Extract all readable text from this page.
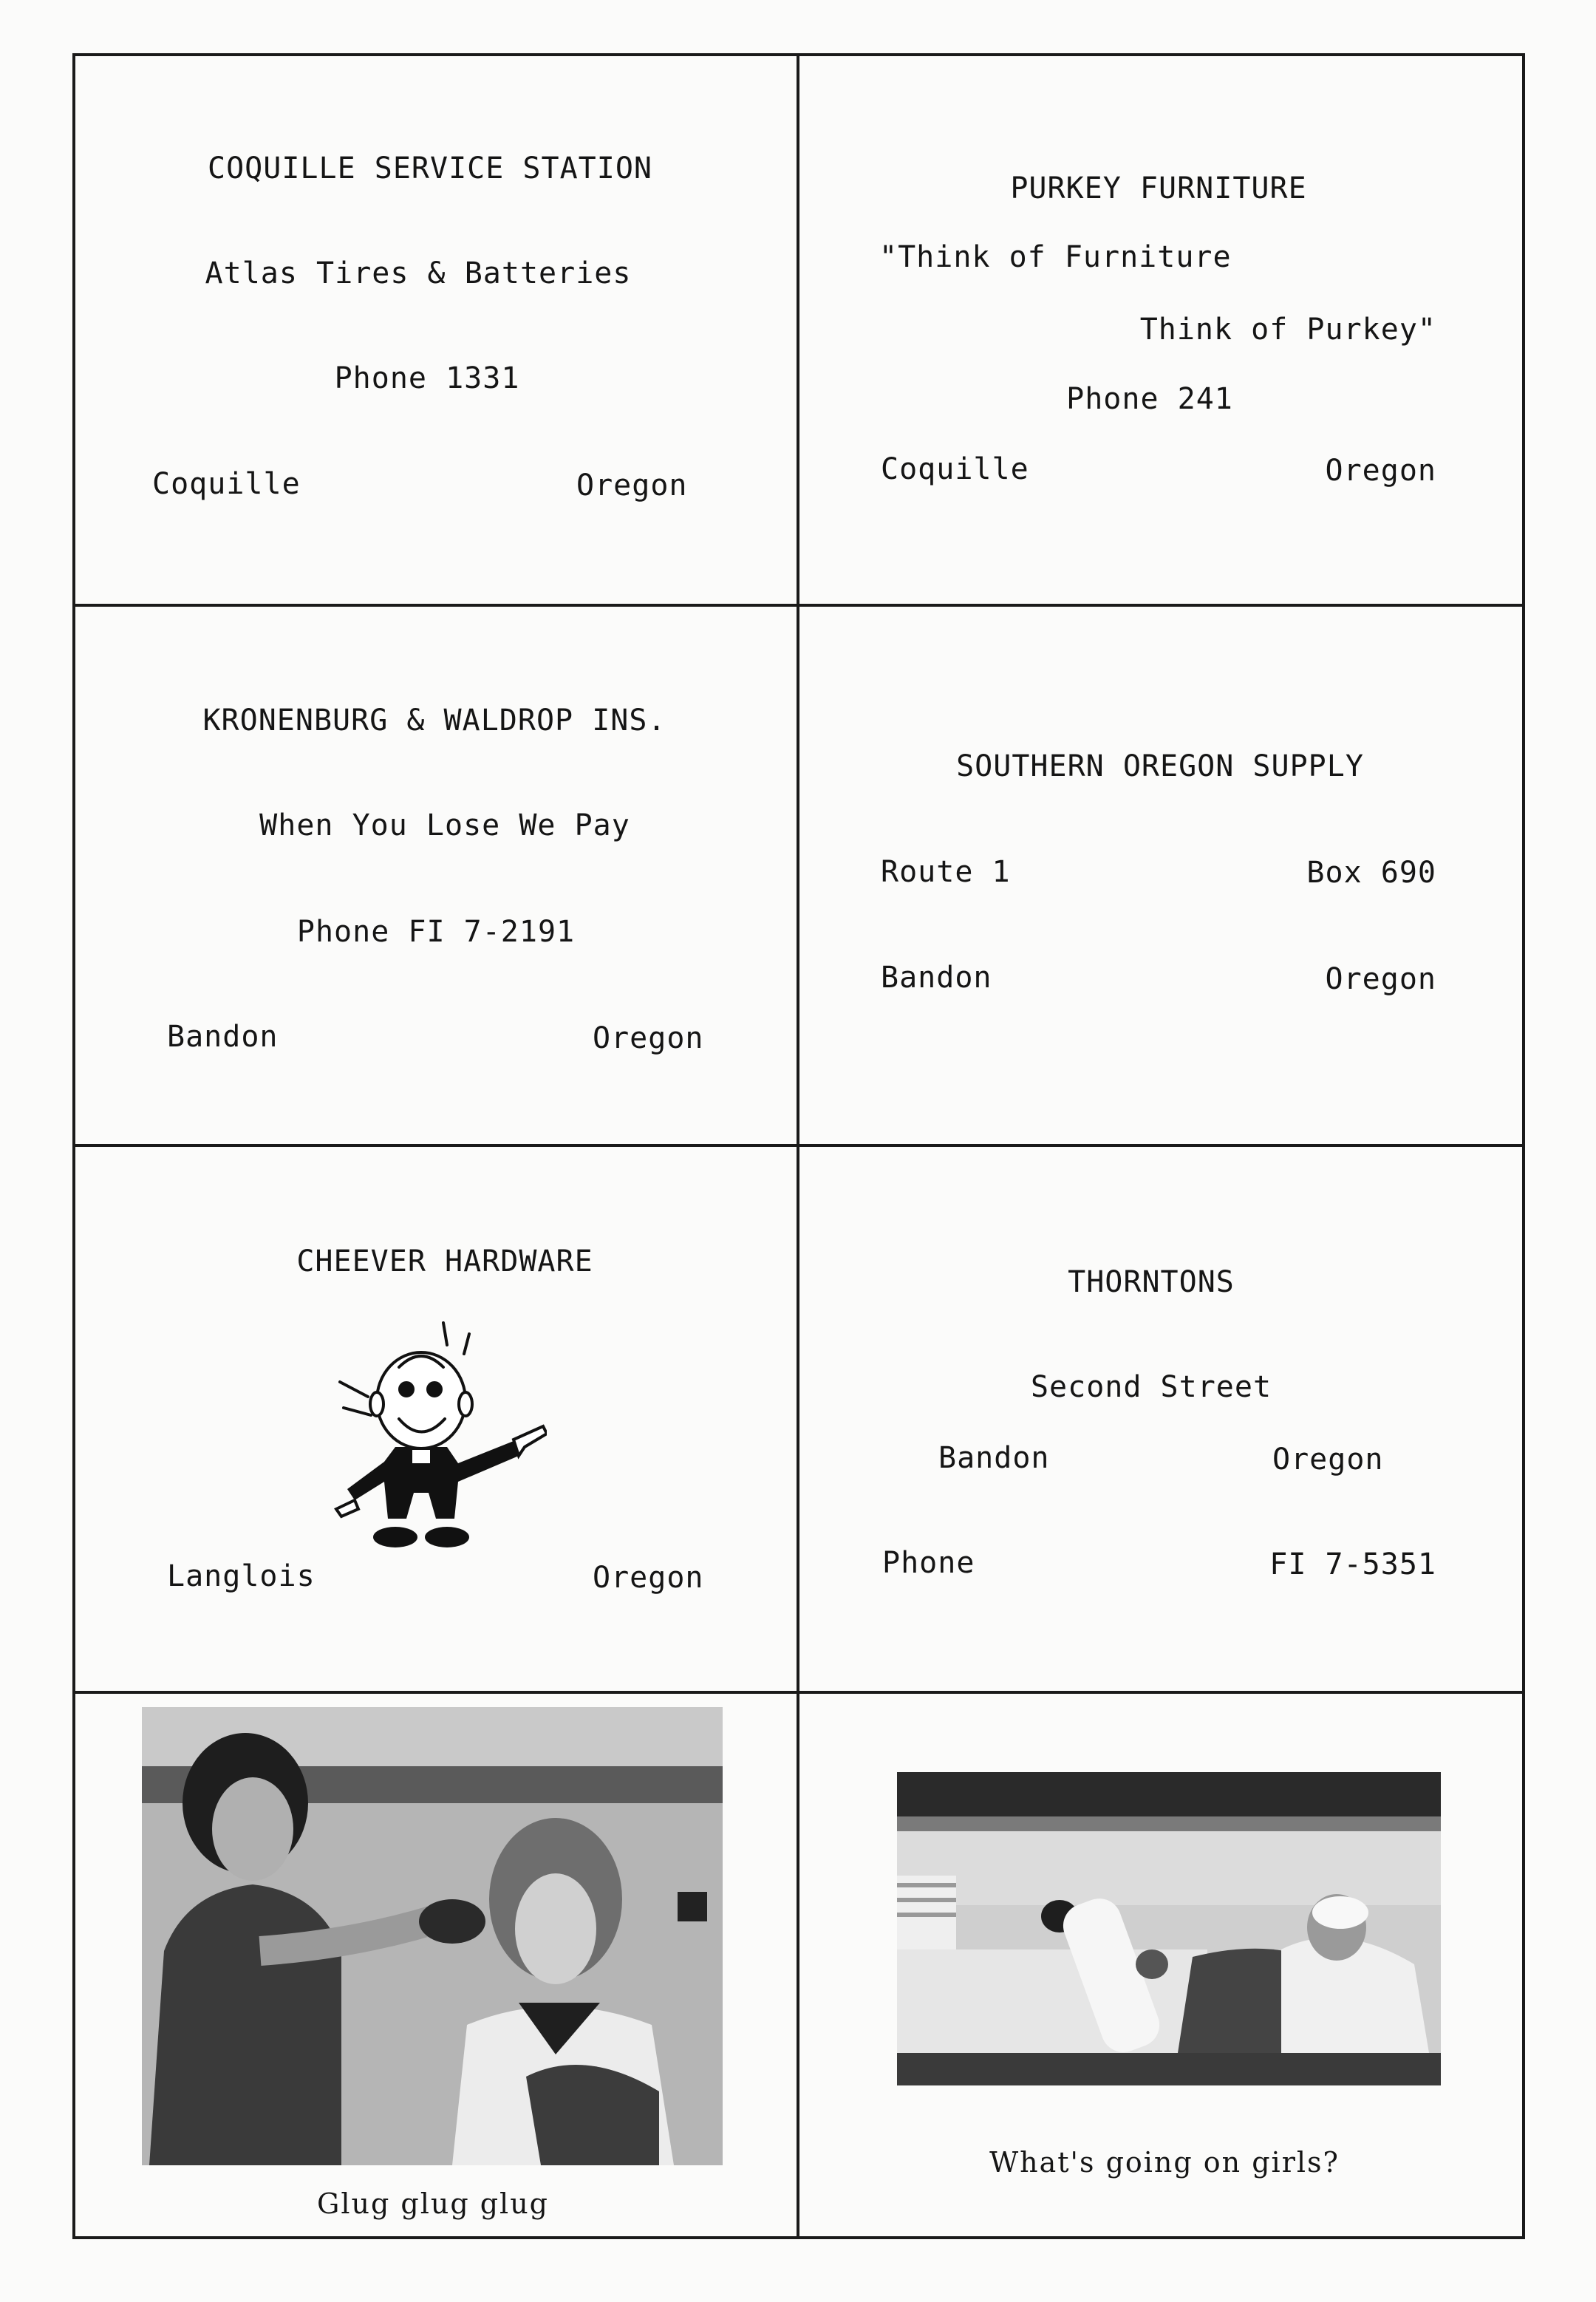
COQUILLE SERVICE STATION
Atlas Tires & Batteries
Phone 1331
Coquille	Oregon
PURKEY FURNITURE
"Think of Furniture
Think of Purkey"
Phone 241
Coquille	Oregon
KRONENBURG & WALDROP INS.
When You Lose We Pay
Phone FI 7-2191
Bandon	Oregon
SOUTHERN OREGON SUPPLY
Route 1	Box 690
Bandon	Oregon
CHEEVER HARDWARE
Langlois	Oregon
THORNTONS
Second Street
Bandon	Oregon
Phone	FI 7-5351
Glug glug glug
What's going on girls?
